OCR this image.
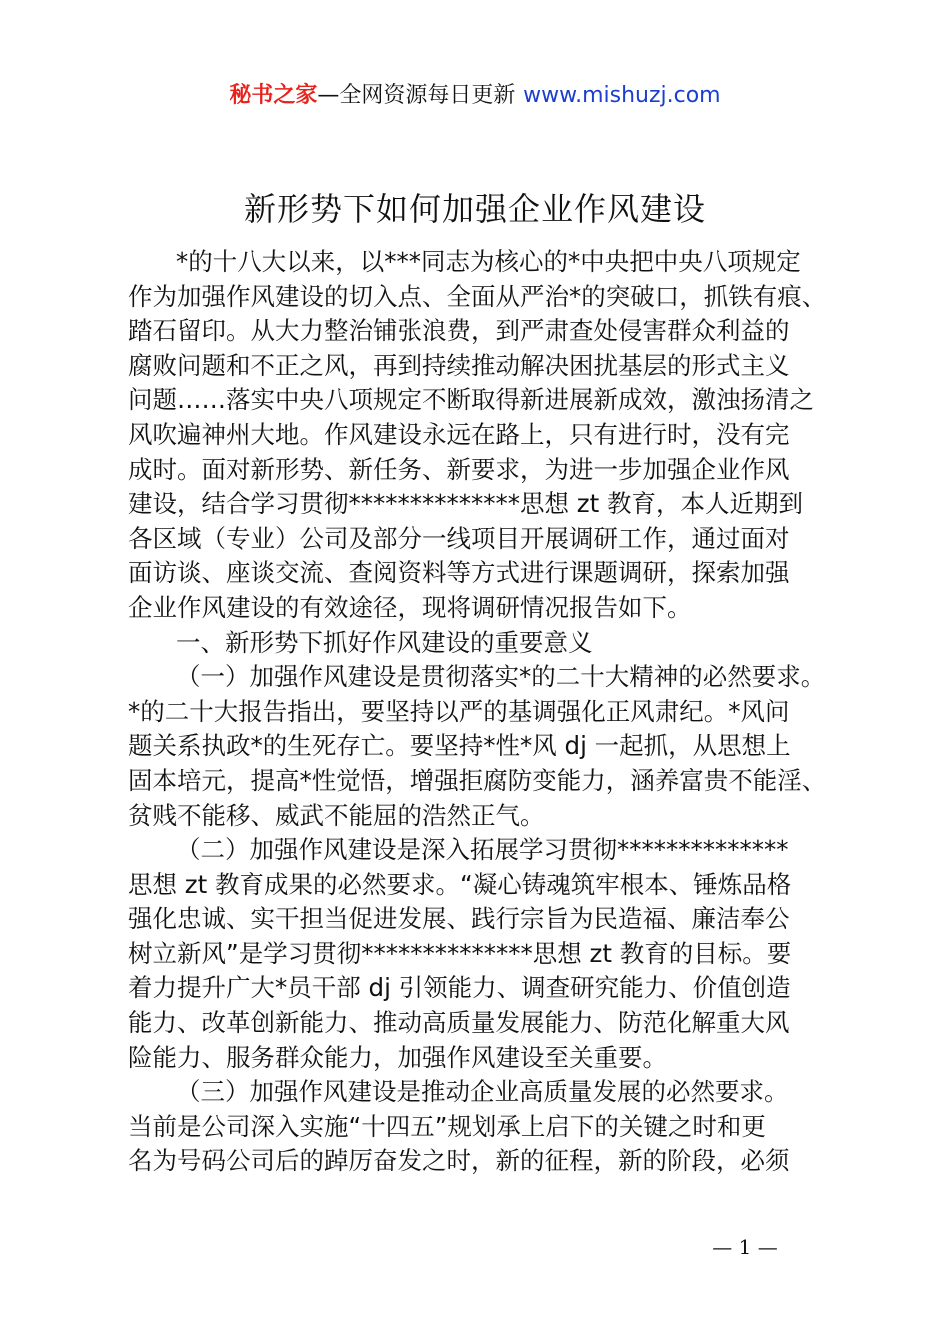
秘书之家—全网资源每日更新 www.mishuzj.com
新形势下如何加强企业作风建设
*的十八大以来，以***同志为核心的*中央把中央八项规定
作为加强作风建设的切入点、全面从严治*的突破口，抓铁有痕、
踏石留印。从大力整治铺张浪费，到严肃查处侵害群众利益的
腐败问题和不正之风，再到持续推动解决困扰基层的形式主义
问题……落实中央八项规定不断取得新进展新成效，激浊扬清之
风吹遍神州大地。作风建设永远在路上，只有进行时，没有完
成时。面对新形势、新任务、新要求，为进一步加强企业作风
建设，结合学习贯彻**************思想 zt 教育，本人近期到
各区域（专业）公司及部分一线项目开展调研工作，通过面对
面访谈、座谈交流、查阅资料等方式进行课题调研，探索加强
企业作风建设的有效途径，现将调研情况报告如下。
一、新形势下抓好作风建设的重要意义
（一）加强作风建设是贯彻落实*的二十大精神的必然要求。
*的二十大报告指出，要坚持以严的基调强化正风肃纪。*风问
题关系执政*的生死存亡。要坚持*性*风 dj 一起抓，从思想上
固本培元，提高*性觉悟，增强拒腐防变能力，涵养富贵不能淫、
贫贱不能移、威武不能屈的浩然正气。
（二）加强作风建设是深入拓展学习贯彻**************
思想 zt 教育成果的必然要求。“凝心铸魂筑牢根本、锤炼品格
强化忠诚、实干担当促进发展、践行宗旨为民造福、廉洁奉公
树立新风”是学习贯彻**************思想 zt 教育的目标。要
着力提升广大*员干部 dj 引领能力、调查研究能力、价值创造
能力、改革创新能力、推动高质量发展能力、防范化解重大风
险能力、服务群众能力，加强作风建设至关重要。
（三）加强作风建设是推动企业高质量发展的必然要求。
当前是公司深入实施“十四五”规划承上启下的关键之时和更
名为号码公司后的踔厉奋发之时，新的征程，新的阶段，必须
— 1 —
